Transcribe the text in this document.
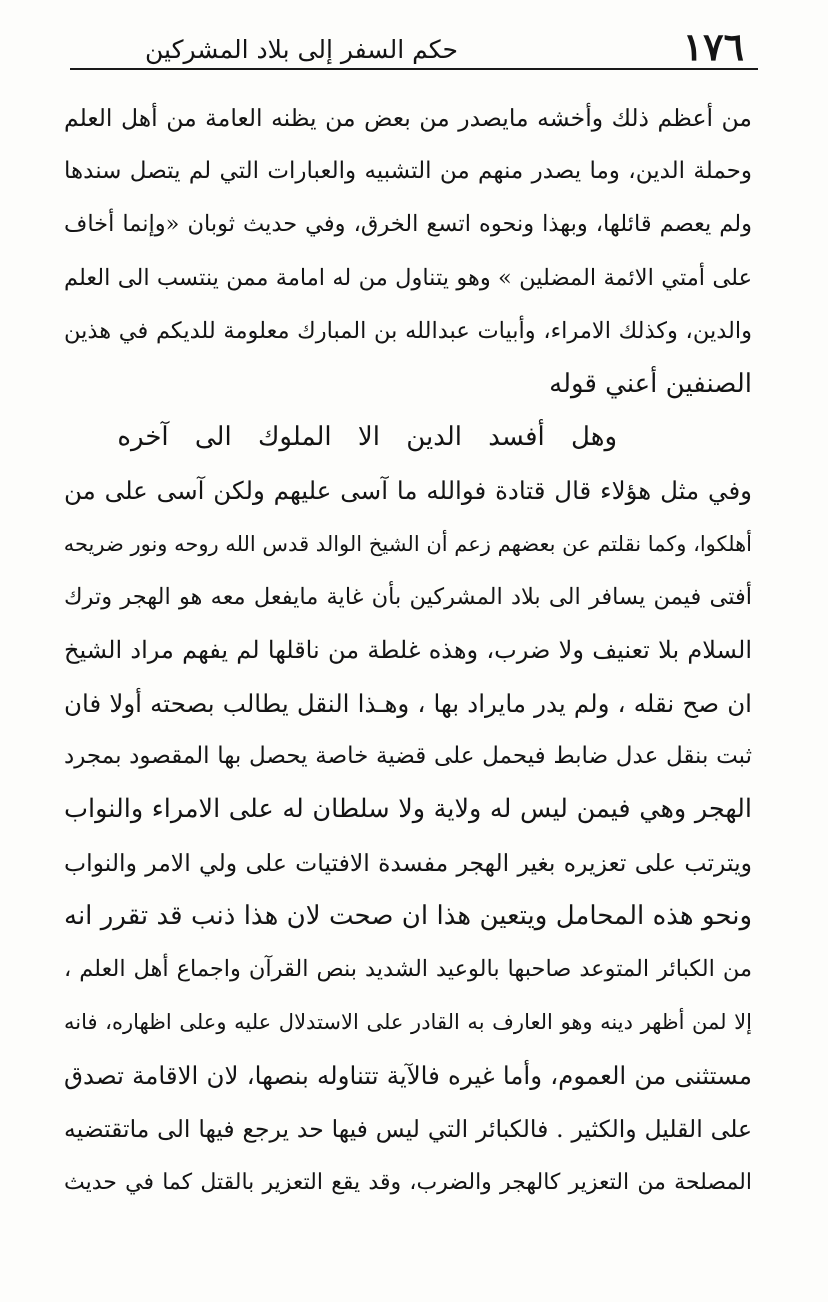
١٧٦
حكم السفر إلى بلاد المشركين
من أعظم ذلك وأخشه مايصدر من بعض من يظنه العامة من أهل العلم
وحملة الدين، وما يصدر منهم من التشبيه والعبارات التي لم يتصل سندها
ولم يعصم قائلها، وبهذا ونحوه اتسع الخرق، وفي حديث ثوبان «وإنما أخاف
على أمتي الائمة المضلين » وهو يتناول من له امامة ممن ينتسب الى العلم
والدين، وكذلك الامراء، وأبيات عبدالله بن المبارك معلومة للديكم في هذين
الصنفين أعني قوله
وهل أفسد الدين الا الملوك الى آخره
وفي مثل هؤلاء قال قتادة فوالله ما آسى عليهم ولكن آسى على من
أهلكوا، وكما نقلتم عن بعضهم زعم أن الشيخ الوالد قدس الله روحه ونور ضريحه
أفتى فيمن يسافر الى بلاد المشركين بأن غاية مايفعل معه هو الهجر وترك
السلام بلا تعنيف ولا ضرب، وهذه غلطة من ناقلها لم يفهم مراد الشيخ
ان صح نقله ، ولم يدر مايراد بها ، وهـذا النقل يطالب بصحته أولا فان
ثبت بنقل عدل ضابط فيحمل على قضية خاصة يحصل بها المقصود بمجرد
الهجر وهي فيمن ليس له ولاية ولا سلطان له على الامراء والنواب
ويترتب على تعزيره بغير الهجر مفسدة الافتيات على ولي الامر والنواب
ونحو هذه المحامل ويتعين هذا ان صحت لان هذا ذنب قد تقرر انه
من الكبائر المتوعد صاحبها بالوعيد الشديد بنص القرآن واجماع أهل العلم ،
إلا لمن أظهر دينه وهو العارف به القادر على الاستدلال عليه وعلى اظهاره، فانه
مستثنى من العموم، وأما غيره فالآية تتناوله بنصها، لان الاقامة تصدق
على القليل والكثير . فالكبائر التي ليس فيها حد يرجع فيها الى ماتقتضيه
المصلحة من التعزير كالهجر والضرب، وقد يقع التعزير بالقتل كما في حديث
